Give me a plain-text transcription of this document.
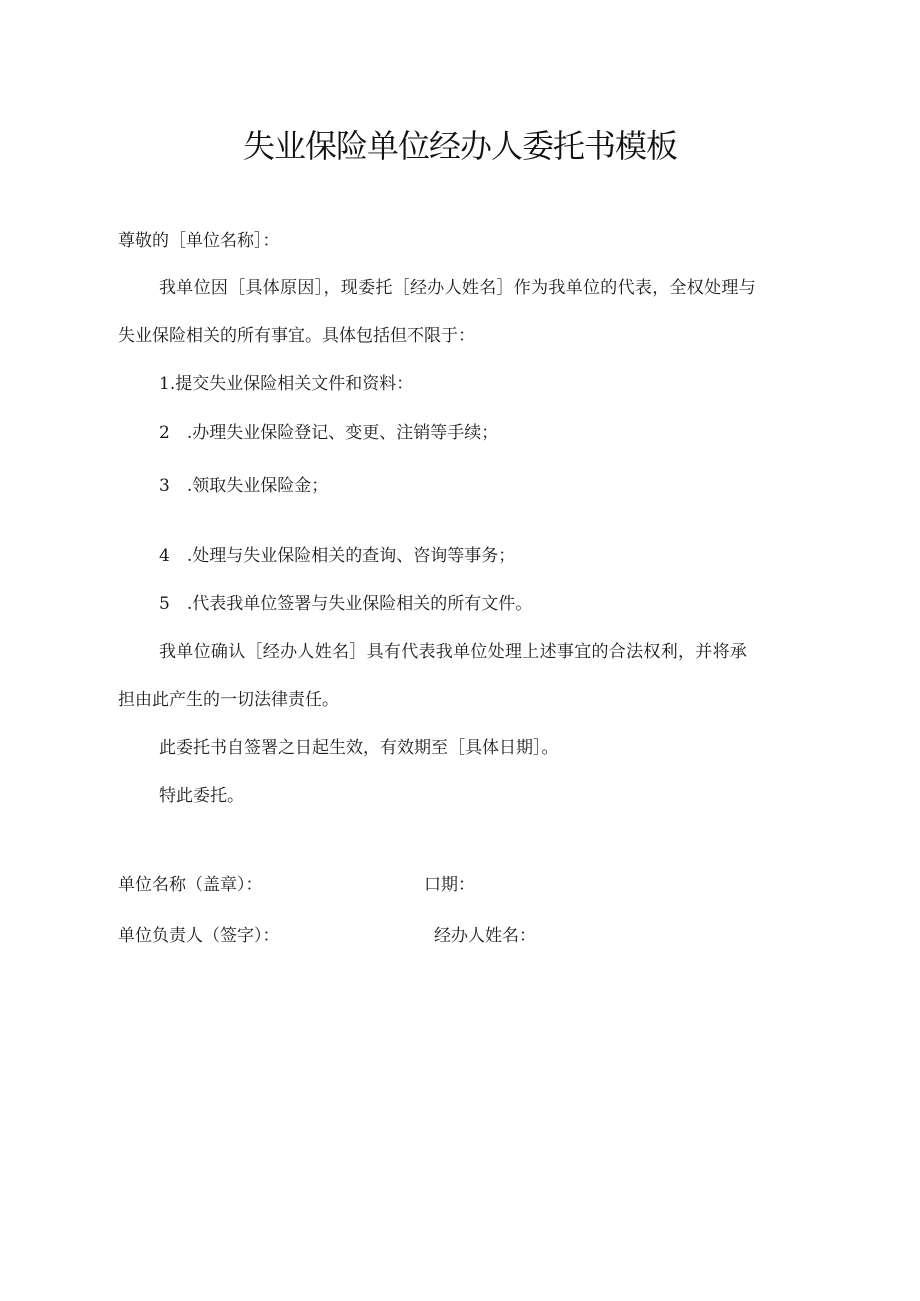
失业保险单位经办人委托书模板
尊敬的［单位名称］：
我单位因［具体原因］，现委托［经办人姓名］作为我单位的代表，全权处理与
失业保险相关的所有事宜。具体包括但不限于：
1.提交失业保险相关文件和资料：
2　.办理失业保险登记、变更、注销等手续；
3　.领取失业保险金；
4　.处理与失业保险相关的查询、咨询等事务；
5　.代表我单位签署与失业保险相关的所有文件。
我单位确认［经办人姓名］具有代表我单位处理上述事宜的合法权利，并将承
担由此产生的一切法律责任。
此委托书自签署之日起生效，有效期至［具体日期］。
特此委托。
单位名称（盖章）：	口期：
单位负责人（签字）：	经办人姓名：
